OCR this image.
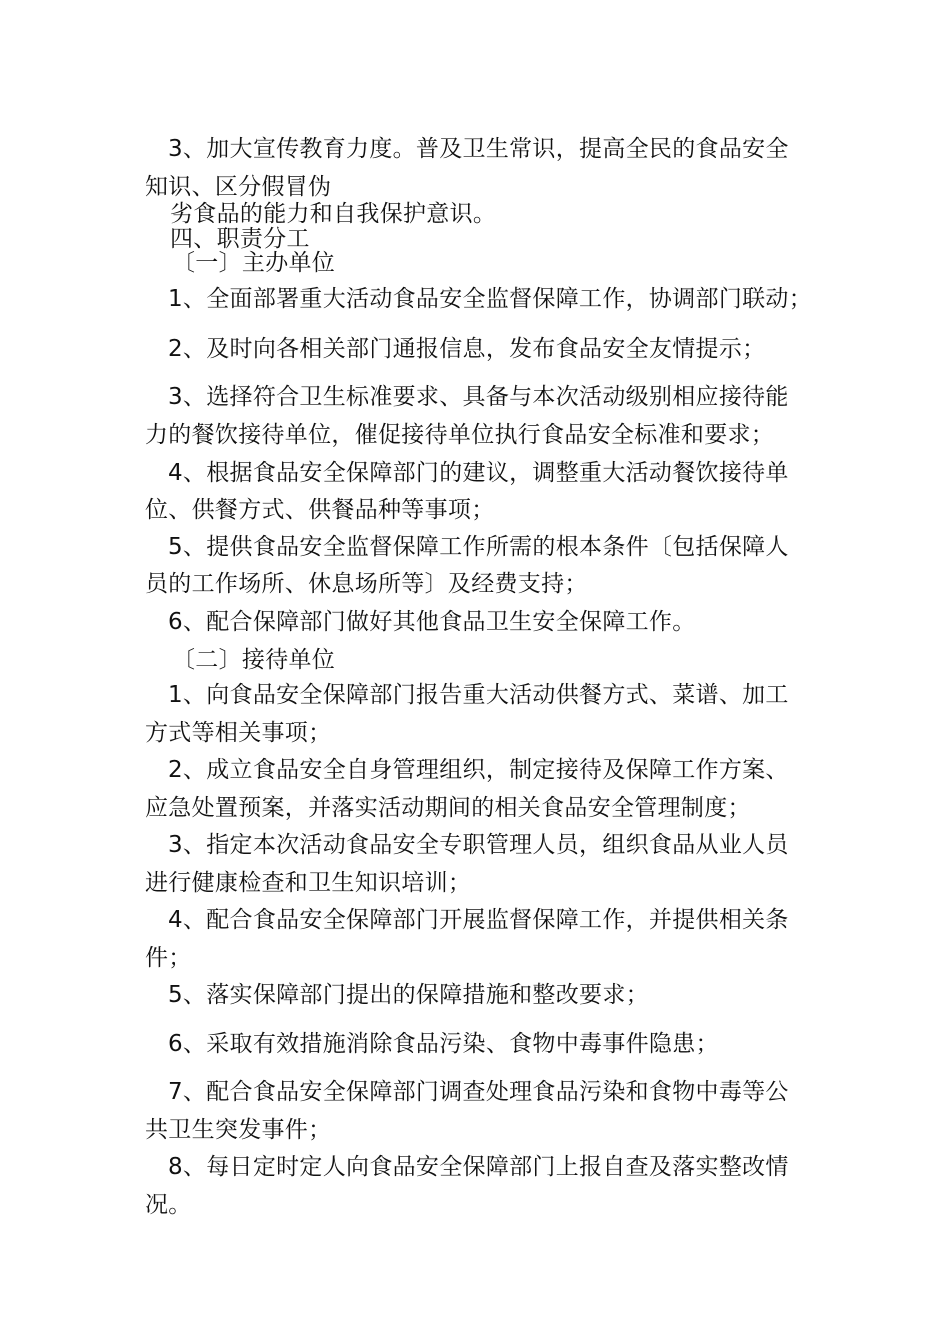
3、加大宣传教育力度。普及卫生常识，提高全民的食品安全
知识、区分假冒伪
劣食品的能力和自我保护意识。
四、职责分工
〔一〕主办单位
1、全面部署重大活动食品安全监督保障工作，协调部门联动；
2、及时向各相关部门通报信息，发布食品安全友情提示；
3、选择符合卫生标准要求、具备与本次活动级别相应接待能
力的餐饮接待单位，催促接待单位执行食品安全标准和要求；
4、根据食品安全保障部门的建议，调整重大活动餐饮接待单
位、供餐方式、供餐品种等事项；
5、提供食品安全监督保障工作所需的根本条件〔包括保障人
员的工作场所、休息场所等〕及经费支持；
6、配合保障部门做好其他食品卫生安全保障工作。
〔二〕接待单位
1、向食品安全保障部门报告重大活动供餐方式、菜谱、加工
方式等相关事项；
2、成立食品安全自身管理组织，制定接待及保障工作方案、
应急处置预案，并落实活动期间的相关食品安全管理制度；
3、指定本次活动食品安全专职管理人员，组织食品从业人员
进行健康检查和卫生知识培训；
4、配合食品安全保障部门开展监督保障工作，并提供相关条
件；
5、落实保障部门提出的保障措施和整改要求；
6、采取有效措施消除食品污染、食物中毒事件隐患；
7、配合食品安全保障部门调查处理食品污染和食物中毒等公
共卫生突发事件；
8、每日定时定人向食品安全保障部门上报自查及落实整改情
况。
